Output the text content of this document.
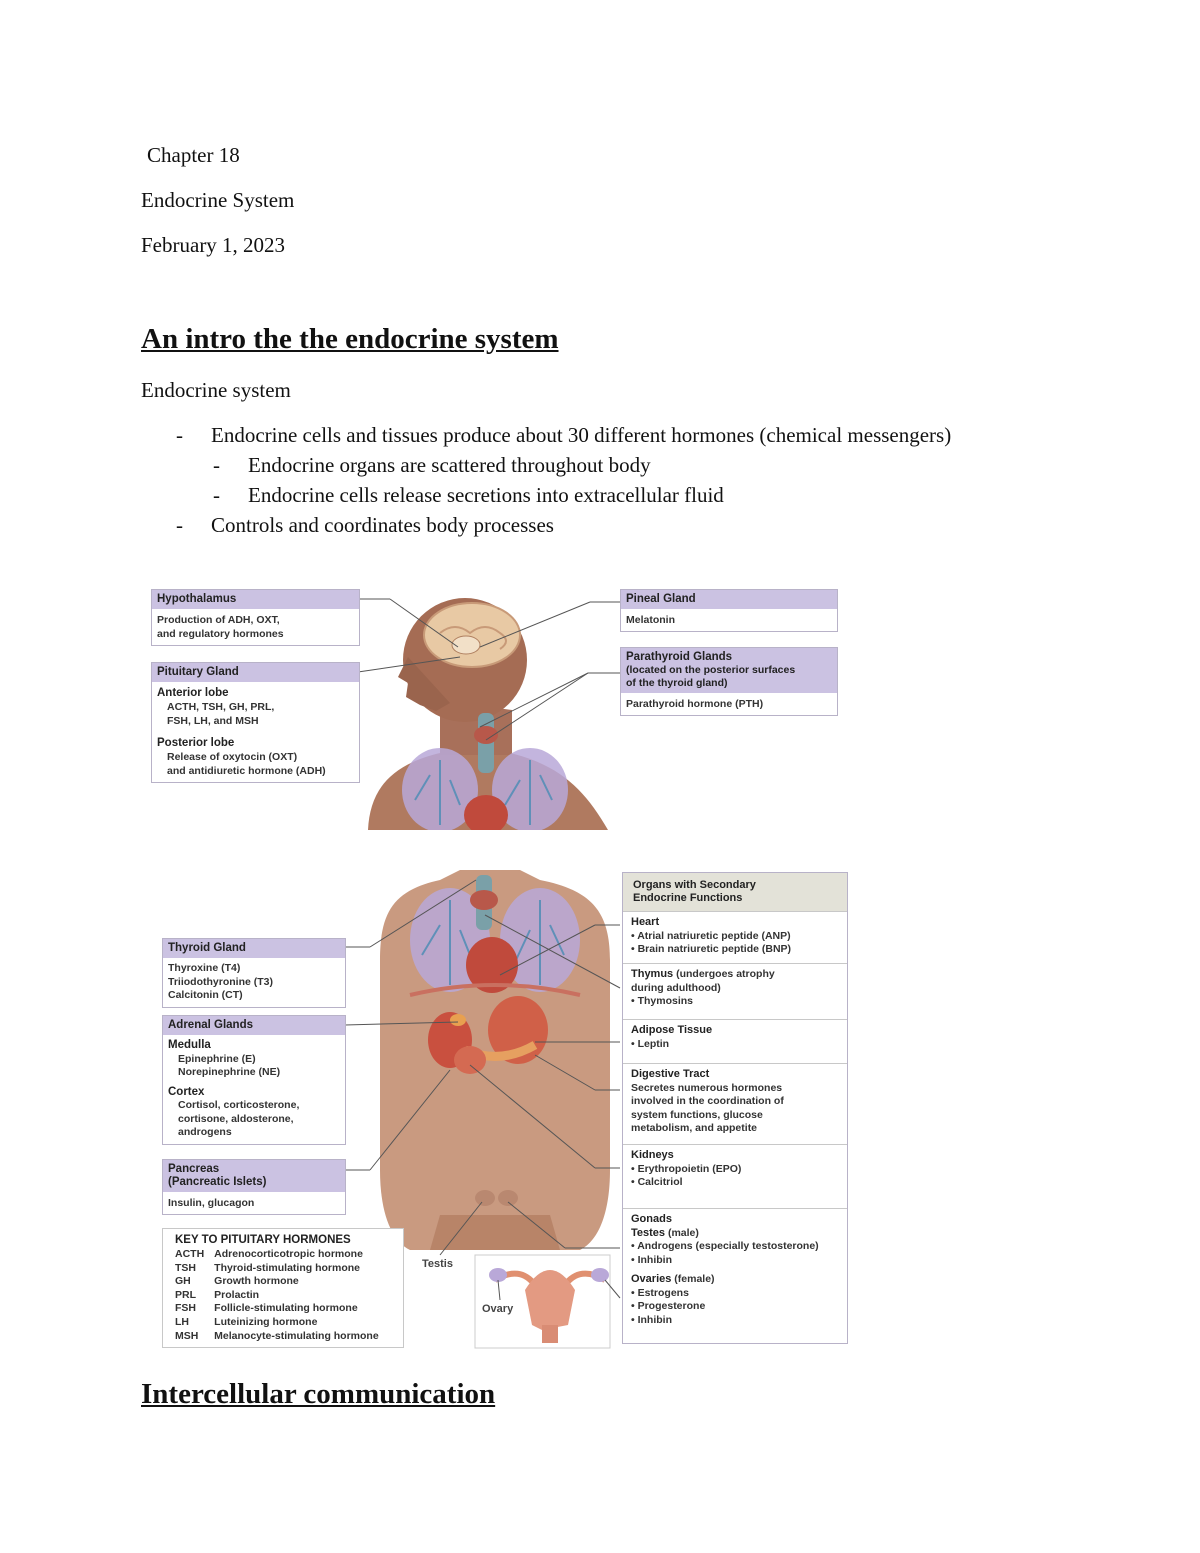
Chapter 18

Endocrine System

February 1, 2023

An intro the the endocrine system

Endocrine system

- Endocrine cells and tissues produce about 30 different hormones (chemical messengers)

- Endocrine organs are scattered throughout body

- Endocrine cells release secretions into extracellular fluid

- Controls and coordinates body processes

Hypothalamus
Production of ADH, OXT,
and regulatory hormones
Pituitary Gland
Anterior lobe
ACTH, TSH, GH, PRL,
FSH, LH, and MSH
Posterior lobe
Release of oxytocin (OXT)
and antidiuretic hormone (ADH)
Pineal Gland
Melatonin
Parathyroid Glands
(located on the posterior surfaces
of the thyroid gland)
Parathyroid hormone (PTH)
Thyroid Gland
Thyroxine (T4)
Triiodothyronine (T3)
Calcitonin (CT)
Adrenal Glands
Medulla
Epinephrine (E)
Norepinephrine (NE)
Cortex
Cortisol, corticosterone,
cortisone, aldosterone,
androgens
Pancreas
(Pancreatic Islets)
Insulin, glucagon
KEY TO PITUITARY HORMONES
ACTH	Adrenocorticotropic hormone
TSH	Thyroid-stimulating hormone
GH	Growth hormone
PRL	Prolactin
FSH	Follicle-stimulating hormone
LH	Luteinizing hormone
MSH	Melanocyte-stimulating hormone
Testis
Ovary
Organs with Secondary
Endocrine Functions
Heart
• Atrial natriuretic peptide (ANP)
• Brain natriuretic peptide (BNP)
Thymus (undergoes atrophy
during adulthood)
• Thymosins
Adipose Tissue
• Leptin
Digestive Tract
Secretes numerous hormones
involved in the coordination of
system functions, glucose
metabolism, and appetite
Kidneys
• Erythropoietin (EPO)
• Calcitriol
Gonads
Testes (male)
• Androgens (especially testosterone)
• Inhibin
Ovaries (female)
• Estrogens
• Progesterone
• Inhibin

Intercellular communication
